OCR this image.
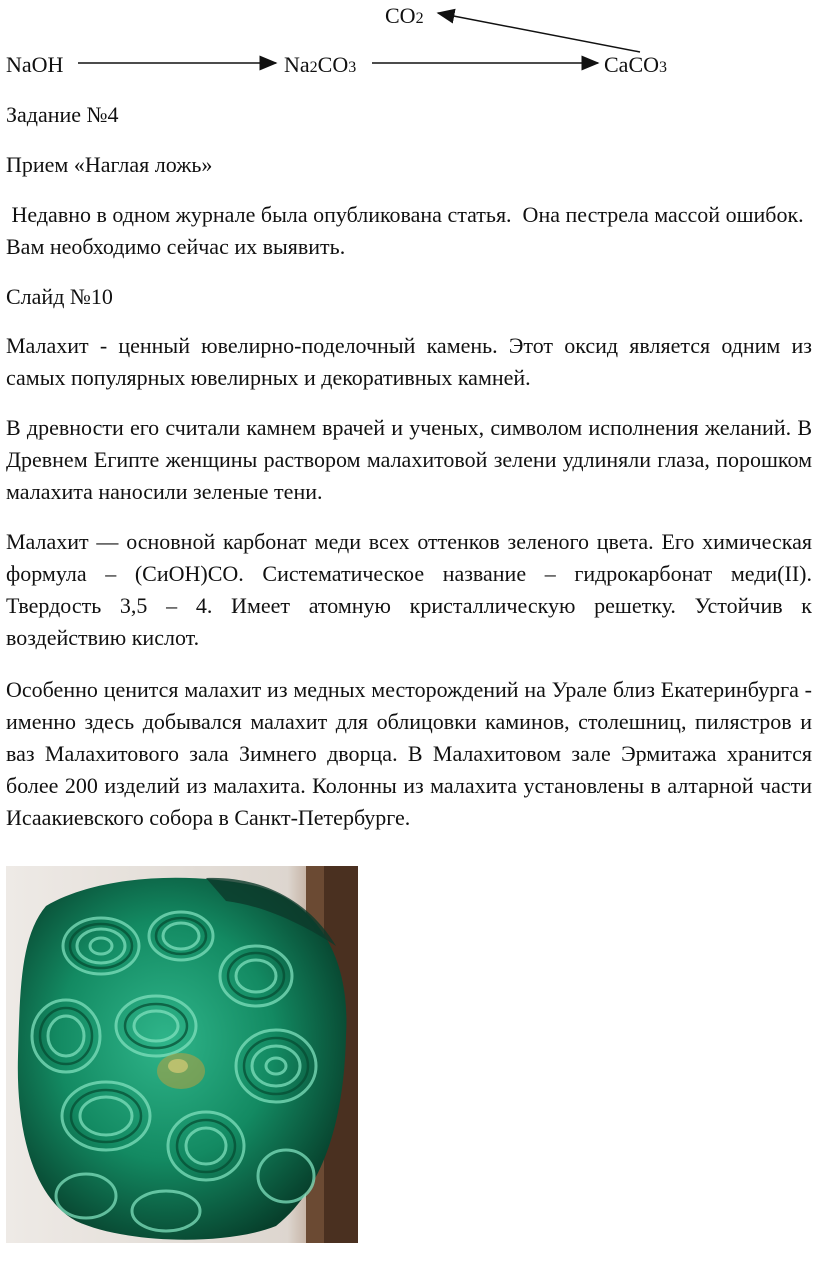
CO2
NaOH	Na2CO3	CaCO3

Задание №4

Прием «Наглая ложь»

Недавно в одном журнале была опубликована статья.  Она пестрела массой ошибок. Вам необходимо сейчас их выявить.

Слайд №10

Малахит - ценный ювелирно-поделочный камень. Этот оксид является одним из самых популярных ювелирных и декоративных камней.

В древности его считали камнем врачей и ученых, символом исполнения желаний. В Древнем Египте женщины раствором малахитовой зелени удлиняли глаза, порошком малахита наносили зеленые тени.

Малахит — основной карбонат меди всех оттенков зеленого цвета. Его химическая формула – (СиОН)СО. Систематическое название – гидрокарбонат меди(II). Твердость 3,5 – 4. Имеет атомную кристаллическую решетку. Устойчив к воздействию кислот.

Особенно ценится малахит из медных месторождений на Урале близ Екатеринбурга - именно здесь добывался малахит для облицовки каминов, столешниц, пилястров и ваз Малахитового зала Зимнего дворца. В Малахитовом зале Эрмитажа хранится более 200 изделий из малахита. Колонны из малахита установлены в алтарной части Исаакиевского собора в Санкт-Петербурге.
